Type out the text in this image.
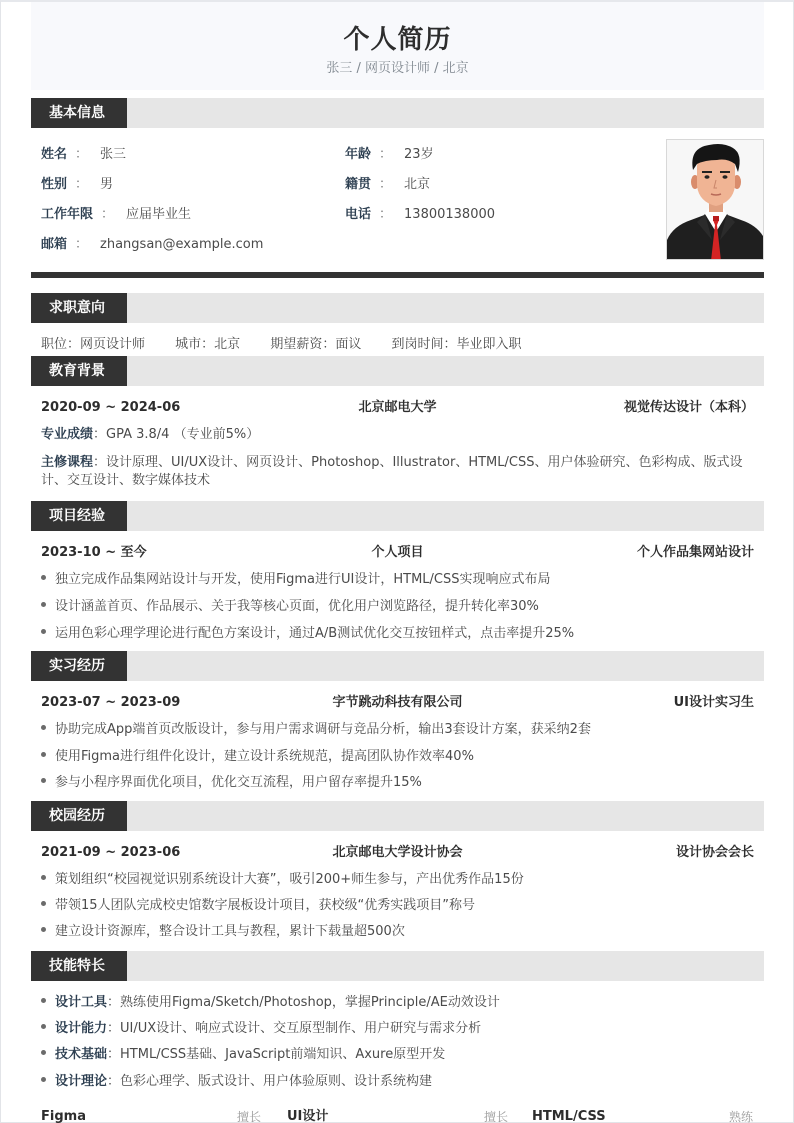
个人简历
张三 / 网页设计师 / 北京
基本信息
姓名 ： 张三
性别 ： 男
工作年限 ： 应届毕业生
邮箱 ： zhangsan@example.com
年龄 ： 23岁
籍贯 ： 北京
电话 ： 13800138000
求职意向
职位：网页设计师 城市：北京 期望薪资：面议 到岗时间：毕业即入职
教育背景
2020-09 ~ 2024-06	北京邮电大学	视觉传达设计（本科）
专业成绩：GPA 3.8/4 （专业前5%）
主修课程：设计原理、UI/UX设计、网页设计、Photoshop、Illustrator、HTML/CSS、用户体验研究、色彩构成、版式设计、交互设计、数字媒体技术
项目经验
2023-10 ~ 至今	个人项目	个人作品集网站设计
独立完成作品集网站设计与开发，使用Figma进行UI设计，HTML/CSS实现响应式布局
设计涵盖首页、作品展示、关于我等核心页面，优化用户浏览路径，提升转化率30%
运用色彩心理学理论进行配色方案设计，通过A/B测试优化交互按钮样式，点击率提升25%
实习经历
2023-07 ~ 2023-09	字节跳动科技有限公司	UI设计实习生
协助完成App端首页改版设计，参与用户需求调研与竞品分析，输出3套设计方案，获采纳2套
使用Figma进行组件化设计，建立设计系统规范，提高团队协作效率40%
参与小程序界面优化项目，优化交互流程，用户留存率提升15%
校园经历
2021-09 ~ 2023-06	北京邮电大学设计协会	设计协会会长
策划组织“校园视觉识别系统设计大赛”，吸引200+师生参与，产出优秀作品15份
带领15人团队完成校史馆数字展板设计项目，获校级“优秀实践项目”称号
建立设计资源库，整合设计工具与教程，累计下载量超500次
技能特长
设计工具：熟练使用Figma/Sketch/Photoshop，掌握Principle/AE动效设计
设计能力：UI/UX设计、响应式设计、交互原型制作、用户研究与需求分析
技术基础：HTML/CSS基础、JavaScript前端知识、Axure原型开发
设计理论：色彩心理学、版式设计、用户体验原则、设计系统构建
Figma	擅长 UI设计	擅长 HTML/CSS	熟练
